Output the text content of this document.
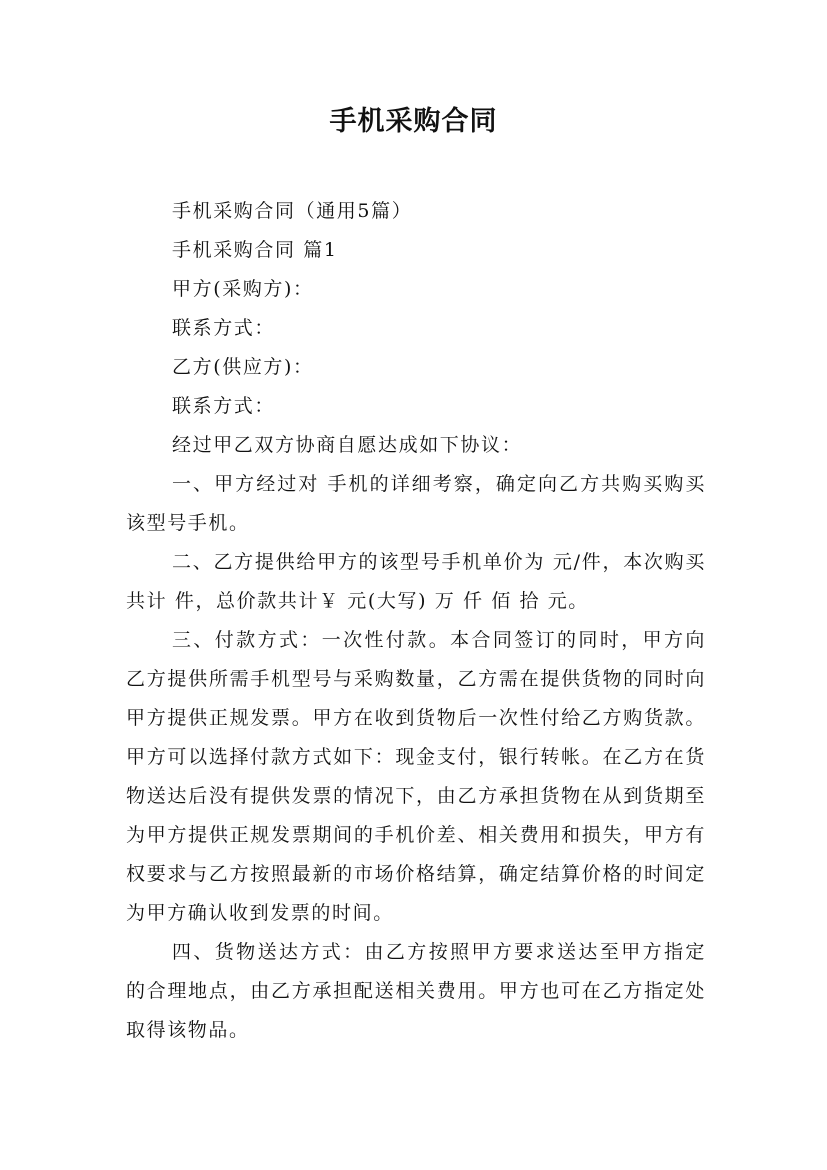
手机采购合同

手机采购合同（通用5篇）

手机采购合同 篇1

甲方(采购方)：

联系方式：

乙方(供应方)：

联系方式：

经过甲乙双方协商自愿达成如下协议：

一、甲方经过对 手机的详细考察，确定向乙方共购买购买该型号手机。

二、乙方提供给甲方的该型号手机单价为 元/件，本次购买共计 件，总价款共计￥ 元(大写) 万 仟 佰 拾 元。

三、付款方式：一次性付款。本合同签订的同时，甲方向乙方提供所需手机型号与采购数量，乙方需在提供货物的同时向甲方提供正规发票。甲方在收到货物后一次性付给乙方购货款。甲方可以选择付款方式如下：现金支付，银行转帐。在乙方在货物送达后没有提供发票的情况下，由乙方承担货物在从到货期至为甲方提供正规发票期间的手机价差、相关费用和损失，甲方有权要求与乙方按照最新的市场价格结算，确定结算价格的时间定为甲方确认收到发票的时间。

四、货物送达方式：由乙方按照甲方要求送达至甲方指定的合理地点，由乙方承担配送相关费用。甲方也可在乙方指定处取得该物品。
